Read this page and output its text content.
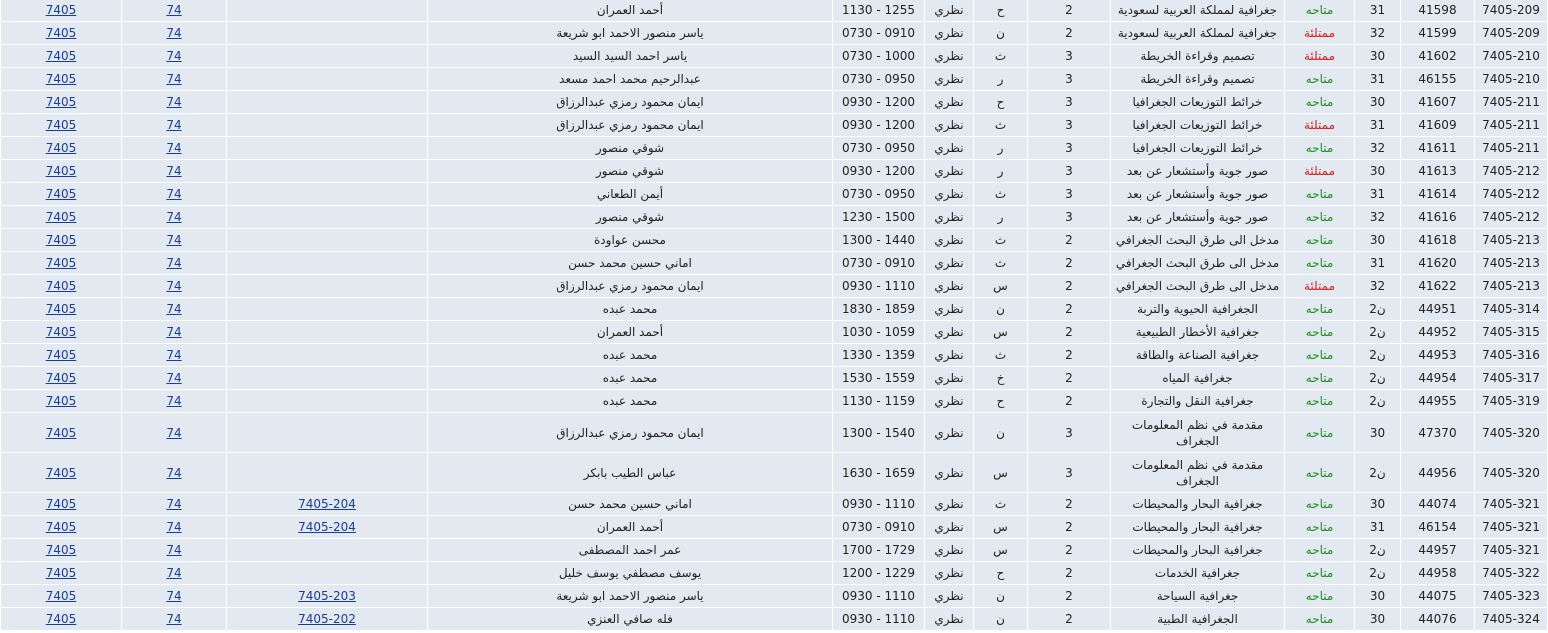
7405	74		أحمد العمران	1130 - 1255	نظري	ح	2	جغرافية لمملكة العربية لسعودية	متاحه	31	41598	7405-209
7405	74		ياسر منصور الاحمد ابو شريعة	0730 - 0910	نظري	ن	2	جغرافية لمملكة العربية لسعودية	ممتلئة	32	41599	7405-209
7405	74		ياسر احمد السيد السيد	0730 - 1000	نظري	ث	3	تصميم وقراءة الخريطة	ممتلئة	30	41602	7405-210
7405	74		عبدالرحيم محمد احمد مسعد	0730 - 0950	نظري	ر	3	تصميم وقراءة الخريطة	متاحه	31	46155	7405-210
7405	74		ايمان محمود رمزي عبدالرزاق	0930 - 1200	نظري	ح	3	خرائط التوزيعات الجغرافيا	متاحه	30	41607	7405-211
7405	74		ايمان محمود رمزي عبدالرزاق	0930 - 1200	نظري	ث	3	خرائط التوزيعات الجغرافيا	ممتلئة	31	41609	7405-211
7405	74		شوقي منصور	0730 - 0950	نظري	ر	3	خرائط التوزيعات الجغرافيا	متاحه	32	41611	7405-211
7405	74		شوقي منصور	0930 - 1200	نظري	ر	3	صور جوية وأستشعار عن بعد	ممتلئة	30	41613	7405-212
7405	74		أيمن الطعاني	0730 - 0950	نظري	ث	3	صور جوية وأستشعار عن بعد	متاحه	31	41614	7405-212
7405	74		شوقي منصور	1230 - 1500	نظري	ر	3	صور جوية وأستشعار عن بعد	متاحه	32	41616	7405-212
7405	74		محسن عواودة	1300 - 1440	نظري	ث	2	مدخل الى طرق البحث الجغرافي	متاحه	30	41618	7405-213
7405	74		اماني حسين محمد حسن	0730 - 0910	نظري	ث	2	مدخل الى طرق البحث الجغرافي	متاحه	31	41620	7405-213
7405	74		ايمان محمود رمزي عبدالرزاق	0930 - 1110	نظري	س	2	مدخل الى طرق البحث الجغرافي	ممتلئة	32	41622	7405-213
7405	74		محمد عبده	1830 - 1859	نظري	ن	2	الجغرافية الحيوية والتربة	متاحه	ن2	44951	7405-314
7405	74		أحمد العمران	1030 - 1059	نظري	س	2	جغرافية الأخطار الطبيعية	متاحه	ن2	44952	7405-315
7405	74		محمد عبده	1330 - 1359	نظري	ث	2	جغرافية الصناعة والطاقة	متاحه	ن2	44953	7405-316
7405	74		محمد عبده	1530 - 1559	نظري	خ	2	جغرافية المياه	متاحه	ن2	44954	7405-317
7405	74		محمد عبده	1130 - 1159	نظري	ح	2	جغرافية النقل والتجارة	متاحه	ن2	44955	7405-319
7405	74		ايمان محمود رمزي عبدالرزاق	1300 - 1540	نظري	ن	3	مقدمة في نظم المعلومات الجغراف	متاحه	30	47370	7405-320
7405	74		عباس الطيب بابكر	1630 - 1659	نظري	س	3	مقدمة في نظم المعلومات الجغراف	متاحه	ن2	44956	7405-320
7405	74	7405-204	اماني حسين محمد حسن	0930 - 1110	نظري	ث	2	جغرافية البحار والمحيطات	متاحه	30	44074	7405-321
7405	74	7405-204	أحمد العمران	0730 - 0910	نظري	س	2	جغرافية البحار والمحيطات	متاحه	31	46154	7405-321
7405	74		عمر احمد المصطفى	1700 - 1729	نظري	س	2	جغرافية البحار والمحيطات	متاحه	ن2	44957	7405-321
7405	74		يوسف مصطفي يوسف خليل	1200 - 1229	نظري	ح	2	جغرافية الخدمات	متاحه	ن2	44958	7405-322
7405	74	7405-203	ياسر منصور الاحمد ابو شريعة	0930 - 1110	نظري	ن	2	جغرافية السياحة	متاحه	30	44075	7405-323
7405	74	7405-202	فله صافي العنزي	0930 - 1110	نظري	ن	2	الجغرافية الطبية	متاحه	30	44076	7405-324
